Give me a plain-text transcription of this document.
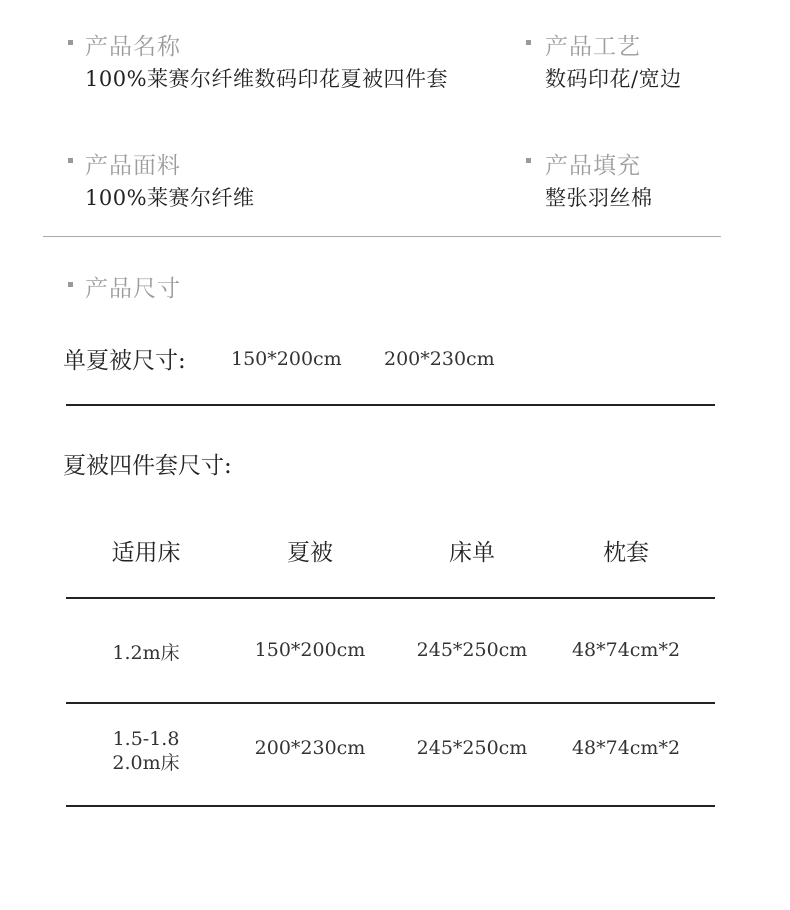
产品名称
100%莱赛尔纤维数码印花夏被四件套
产品工艺
数码印花/宽边
产品面料
100%莱赛尔纤维
产品填充
整张羽丝棉
产品尺寸
单夏被尺寸: 150*200cm 200*230cm
夏被四件套尺寸:
适用床	夏被	床单	枕套
1.2m床	150*200cm	245*250cm	48*74cm*2
1.5-1.8
2.0m床
200*230cm	245*250cm	48*74cm*2
